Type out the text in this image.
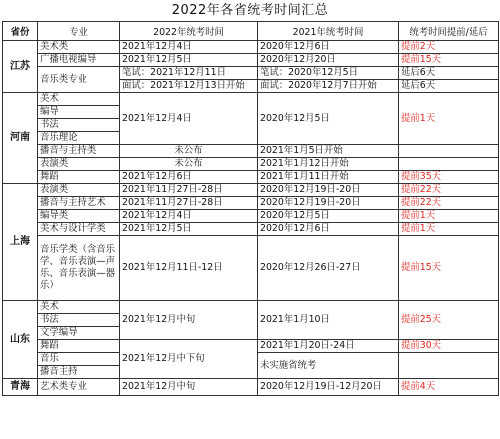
2022年各省统考时间汇总
省份	专业	2022年统考时间	2021年统考时间	统考时间提前/延后
江苏	美术类	2021年12月4日	2020年12月6日	提前2天
	广播电视编导	2021年12月5日	2020年12月20日	提前15天
	音乐类专业	笔试：2021年12月11日	笔试：2020年12月5日	延后6天
		面试：2021年12月13日开始	面试：2020年12月7日开始	延后6天
河南	美术	2021年12月4日	2020年12月5日	提前1天
	编导			
	书法			
	音乐理论			
	播音与主持类	未公布	2021年1月5日开始	
	表演类	未公布	2021年1月12日开始	
	舞蹈	2021年12月6日	2021年1月11日开始	提前35天
上海	表演类	2021年11月27日-28日	2020年12月19日-20日	提前22天
	播音与主持艺术	2021年11月27日-28日	2020年12月19日-20日	提前22天
	编导类	2021年12月4日	2020年12月5日	提前1天
	美术与设计学类	2021年12月5日	2020年12月6日	提前1天
	音乐学类（含音乐学、音乐表演—声乐、音乐表演—器乐）	2021年12月11日-12日	2020年12月26日-27日	提前15天

山东	美术	2021年12月中旬	2021年1月10日	提前25天
	书法			
	文学编导			
	舞蹈	2021年12月中下旬	2021年1月20日-24日	提前30天
	音乐		未实施省统考	
	播音主持			
青海	艺术类专业	2021年12月中旬	2020年12月19日-12月20日	提前4天
